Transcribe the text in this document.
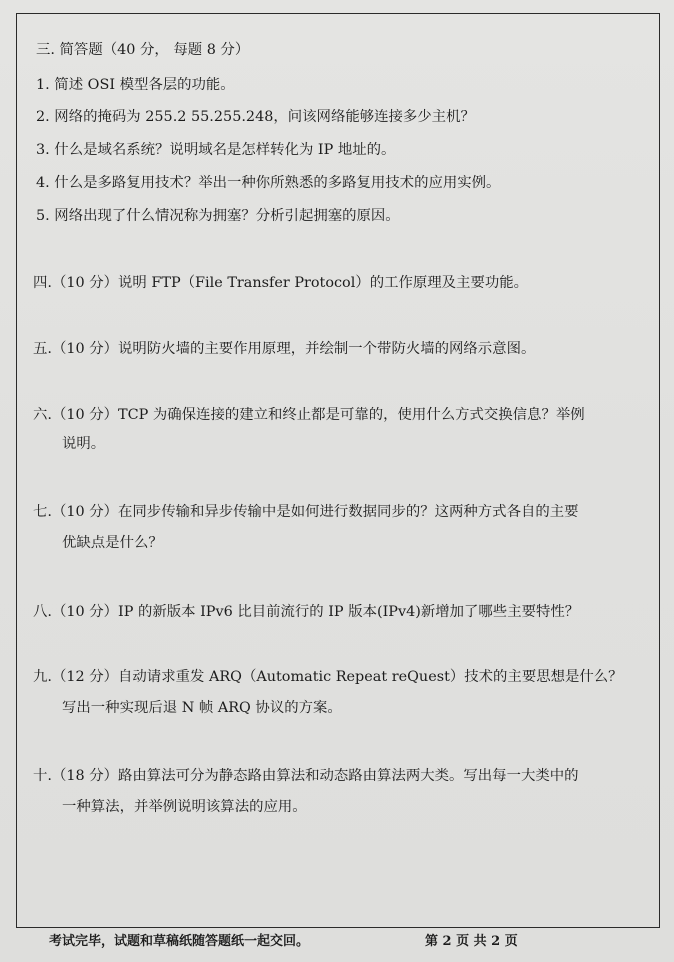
三. 简答题（40 分， 每题 8 分）
1. 简述 OSI 模型各层的功能。
2. 网络的掩码为 255.2 55.255.248，问该网络能够连接多少主机？
3. 什么是域名系统？说明域名是怎样转化为 IP 地址的。
4. 什么是多路复用技术？举出一种你所熟悉的多路复用技术的应用实例。
5. 网络出现了什么情况称为拥塞？分析引起拥塞的原因。
四.（10 分）说明 FTP（File Transfer Protocol）的工作原理及主要功能。
五.（10 分）说明防火墙的主要作用原理，并绘制一个带防火墙的网络示意图。
六.（10 分）TCP 为确保连接的建立和终止都是可靠的，使用什么方式交换信息？举例
说明。
七.（10 分）在同步传输和异步传输中是如何进行数据同步的？这两种方式各自的主要
优缺点是什么？
八.（10 分）IP 的新版本 IPv6 比目前流行的 IP 版本(IPv4)新增加了哪些主要特性？
九.（12 分）自动请求重发 ARQ（Automatic Repeat reQuest）技术的主要思想是什么？
写出一种实现后退 N 帧 ARQ 协议的方案。
十.（18 分）路由算法可分为静态路由算法和动态路由算法两大类。写出每一大类中的
一种算法，并举例说明该算法的应用。
考试完毕，试题和草稿纸随答题纸一起交回。	第 2 页 共 2 页
